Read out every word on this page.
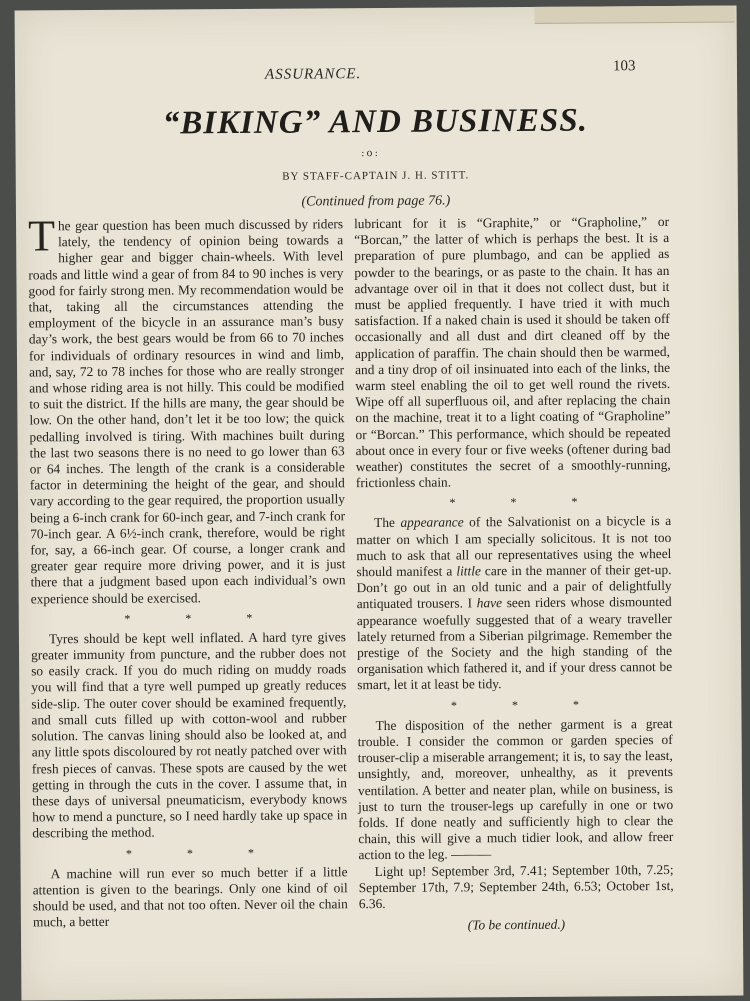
ASSURANCE.	103
“BIKING” AND BUSINESS.
:o:
BY STAFF-CAPTAIN J. H. STITT.
(Continued from page 76.)

The gear question has been much discussed by riders lately, the tendency of opinion being towards a higher gear and bigger chain-wheels. With level roads and little wind a gear of from 84 to 90 inches is very good for fairly strong men. My recommendation would be that, taking all the circumstances attending the employment of the bicycle in an assurance man’s busy day’s work, the best gears would be from 66 to 70 inches for individuals of ordinary resources in wind and limb, and, say, 72 to 78 inches for those who are really stronger and whose riding area is not hilly. This could be modified to suit the district. If the hills are many, the gear should be low. On the other hand, don’t let it be too low; the quick pedalling involved is tiring. With machines built during the last two seasons there is no need to go lower than 63 or 64 inches. The length of the crank is a considerable factor in determining the height of the gear, and should vary according to the gear required, the proportion usually being a 6-inch crank for 60-inch gear, and 7-inch crank for 70-inch gear. A 6½-inch crank, therefore, would be right for, say, a 66-inch gear. Of course, a longer crank and greater gear require more driving power, and it is just there that a judgment based upon each individual’s own experience should be exercised.

* * *

Tyres should be kept well inflated. A hard tyre gives greater immunity from puncture, and the rubber does not so easily crack. If you do much riding on muddy roads you will find that a tyre well pumped up greatly reduces side-slip. The outer cover should be examined frequently, and small cuts filled up with cotton-wool and rubber solution. The canvas lining should also be looked at, and any little spots discoloured by rot neatly patched over with fresh pieces of canvas. These spots are caused by the wet getting in through the cuts in the cover. I assume that, in these days of universal pneumaticism, everybody knows how to mend a puncture, so I need hardly take up space in describing the method.

* * *

A machine will run ever so much better if a little attention is given to the bearings. Only one kind of oil should be used, and that not too often. Never oil the chain much, a better

lubricant for it is “Graphite,” or “Grapholine,” or “Borcan,” the latter of which is perhaps the best. It is a preparation of pure plumbago, and can be applied as powder to the bearings, or as paste to the chain. It has an advantage over oil in that it does not collect dust, but it must be applied frequently. I have tried it with much satisfaction. If a naked chain is used it should be taken off occasionally and all dust and dirt cleaned off by the application of paraffin. The chain should then be warmed, and a tiny drop of oil insinuated into each of the links, the warm steel enabling the oil to get well round the rivets. Wipe off all superfluous oil, and after replacing the chain on the machine, treat it to a light coating of “Grapholine” or “Borcan.” This performance, which should be repeated about once in every four or five weeks (oftener during bad weather) constitutes the secret of a smoothly-running, frictionless chain.

* * *

The appearance of the Salvationist on a bicycle is a matter on which I am specially solicitous. It is not too much to ask that all our representatives using the wheel should manifest a little care in the manner of their get-up. Don’t go out in an old tunic and a pair of delightfully antiquated trousers. I have seen riders whose dismounted appearance woefully suggested that of a weary traveller lately returned from a Siberian pilgrimage. Remember the prestige of the Society and the high standing of the organisation which fathered it, and if your dress cannot be smart, let it at least be tidy.

* * *

The disposition of the nether garment is a great trouble. I consider the common or garden species of trouser-clip a miserable arrangement; it is, to say the least, unsightly, and, moreover, unhealthy, as it prevents ventilation. A better and neater plan, while on business, is just to turn the trouser-legs up carefully in one or two folds. If done neatly and sufficiently high to clear the chain, this will give a much tidier look, and allow freer action to the leg. ———

Light up! September 3rd, 7.41; September 10th, 7.25; September 17th, 7.9; September 24th, 6.53; October 1st, 6.36.

(To be continued.)
